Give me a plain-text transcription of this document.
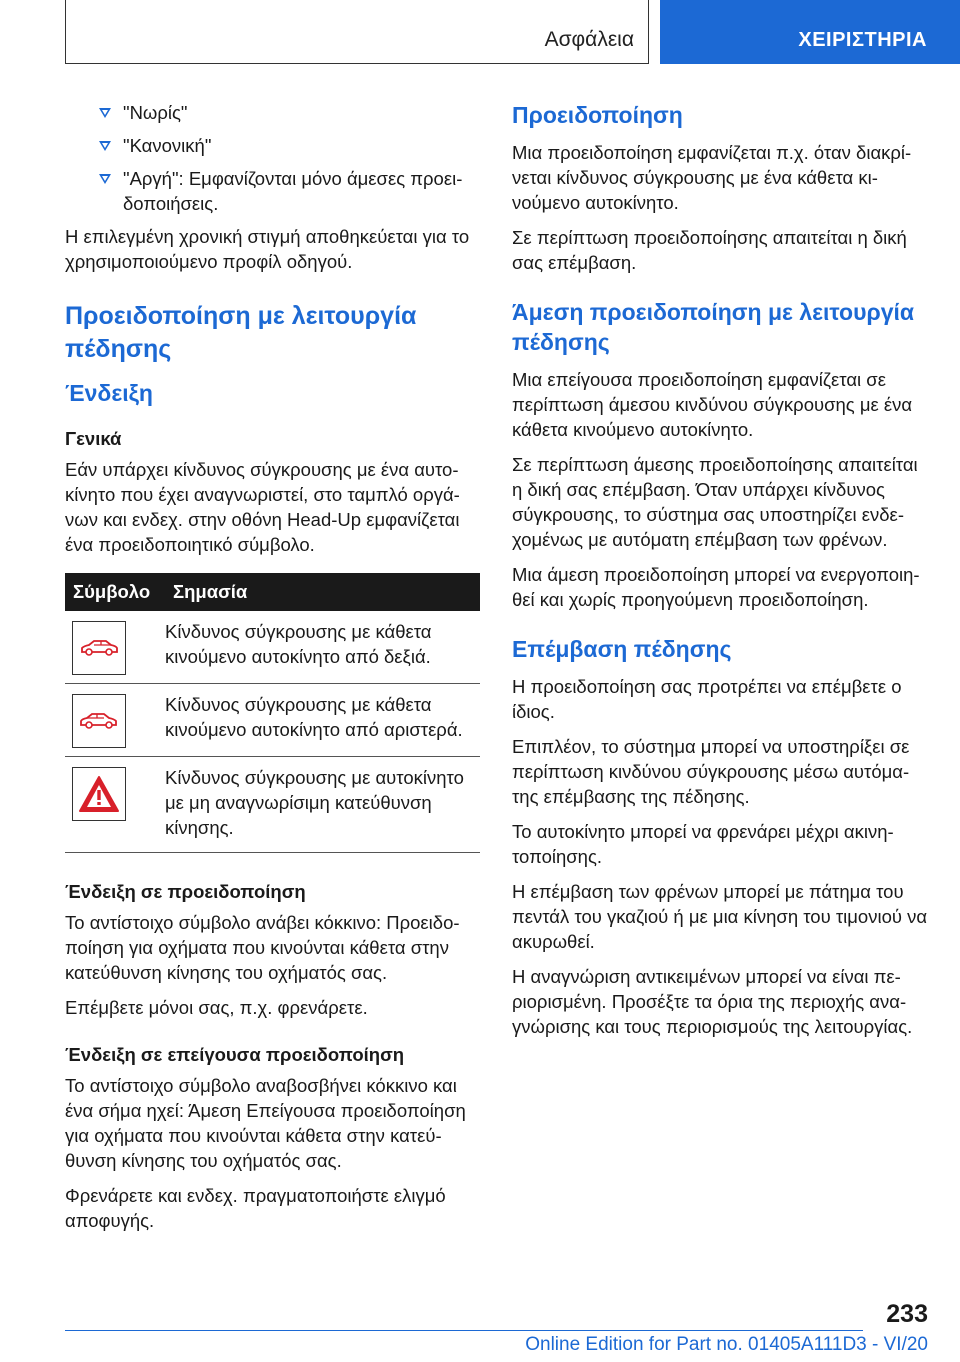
Ασφάλεια	ΧΕΙΡΙΣΤΗΡΙΑ
"Νωρίς"
"Κανονική"
"Αργή": Εμφανίζονται μόνο άμεσες προειδοποιήσεις.

Η επιλεγμένη χρονική στιγμή αποθηκεύεται για το χρησιμοποιούμενο προφίλ οδηγού.

Προειδοποίηση με λειτουργία πέδησης
Ένδειξη
Γενικά

Εάν υπάρχει κίνδυνος σύγκρουσης με ένα αυτοκίνητο που έχει αναγνωριστεί, στο ταμπλό οργάνων και ενδεχ. στην οθόνη Head-Up εμφανίζεται ένα προειδοποιητικό σύμβολο.

Σύμβολο	Σημασία

	Κίνδυνος σύγκρουσης με κάθετα κινούμενο αυτοκίνητο από δεξιά.

	Κίνδυνος σύγκρουσης με κάθετα κινούμενο αυτοκίνητο από αριστερά.

	Κίνδυνος σύγκρουσης με αυτοκίνητο με μη αναγνωρίσιμη κατεύθυνση κίνησης.
Ένδειξη σε προειδοποίηση

Το αντίστοιχο σύμβολο ανάβει κόκκινο: Προειδοποίηση για οχήματα που κινούνται κάθετα στην κατεύθυνση κίνησης του οχήματός σας.

Επέμβετε μόνοι σας, π.χ. φρενάρετε.

Ένδειξη σε επείγουσα προειδοποίηση

Το αντίστοιχο σύμβολο αναβοσβήνει κόκκινο και ένα σήμα ηχεί: Άμεση Επείγουσα προειδοποίηση για οχήματα που κινούνται κάθετα στην κατεύθυνση κίνησης του οχήματός σας.

Φρενάρετε και ενδεχ. πραγματοποιήστε ελιγμό αποφυγής.

Προειδοποίηση

Μια προειδοποίηση εμφανίζεται π.χ. όταν διακρίνεται κίνδυνος σύγκρουσης με ένα κάθετα κινούμενο αυτοκίνητο.

Σε περίπτωση προειδοποίησης απαιτείται η δική σας επέμβαση.

Άμεση προειδοποίηση με λειτουργία πέδησης

Μια επείγουσα προειδοποίηση εμφανίζεται σε περίπτωση άμεσου κινδύνου σύγκρουσης με ένα κάθετα κινούμενο αυτοκίνητο.

Σε περίπτωση άμεσης προειδοποίησης απαιτείται η δική σας επέμβαση. Όταν υπάρχει κίνδυνος σύγκρουσης, το σύστημα σας υποστηρίζει ενδεχομένως με αυτόματη επέμβαση των φρένων.

Μια άμεση προειδοποίηση μπορεί να ενεργοποιηθεί και χωρίς προηγούμενη προειδοποίηση.

Επέμβαση πέδησης

Η προειδοποίηση σας προτρέπει να επέμβετε ο ίδιος.

Επιπλέον, το σύστημα μπορεί να υποστηρίξει σε περίπτωση κινδύνου σύγκρουσης μέσω αυτόματης επέμβασης της πέδησης.

Το αυτοκίνητο μπορεί να φρενάρει μέχρι ακινητοποίησης.

Η επέμβαση των φρένων μπορεί με πάτημα του πεντάλ του γκαζιού ή με μια κίνηση του τιμονιού να ακυρωθεί.

Η αναγνώριση αντικειμένων μπορεί να είναι περιορισμένη. Προσέξτε τα όρια της περιοχής αναγνώρισης και τους περιορισμούς της λειτουργίας.

233
Online Edition for Part no. 01405A111D3 - VI/20
